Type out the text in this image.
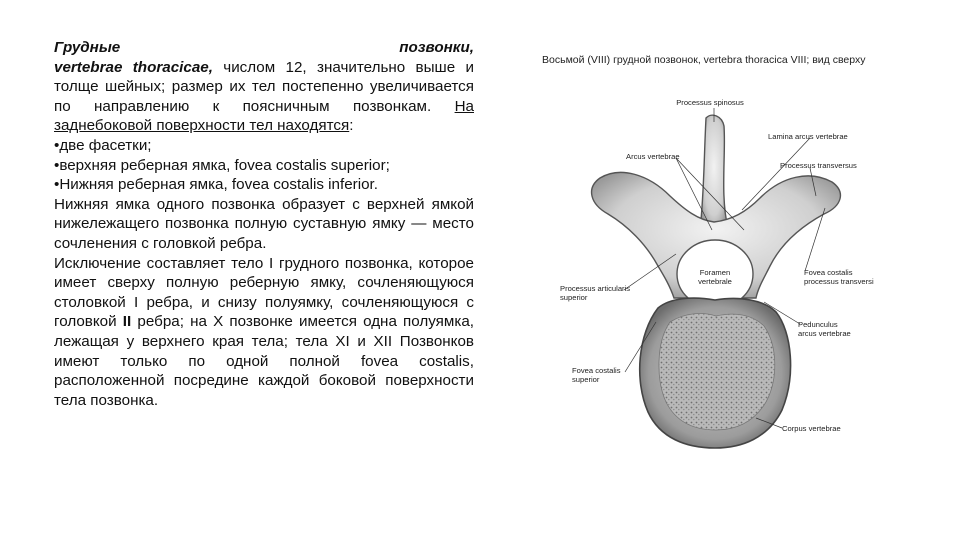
Грудные	позвонки,
vertebrae thoracicae, числом 12, значительно выше и толще шейных; размер их тел постепенно увеличивается по направлению к поясничным позвонкам. На заднебоковой поверхности тел находятся:

•две фасетки;

•верхняя реберная ямка, fovea costalis superior;

•Нижняя реберная ямка, fovea costalis inferior.

Нижняя ямка одного позвонка образует с верхней ямкой нижележащего позвонка полную суставную ямку — место сочленения с головкой ребра.

Исключение составляет тело I грудного позвонка, которое имеет сверху полную реберную ямку, сочленяющуюся столовкой I ребра, и снизу полуямку, сочленяющуюся с головкой II ребра; на X позвонке имеется одна полуямка, лежащая у верхнего края тела; тела XI и XII Позвонков имеют только по одной полной fovea costalis, расположенной посредине каждой боковой поверхности тела позвонка.

Восьмой (VIII) грудной позвонок, vertebra thoracica VIII; вид сверху
Processus spinosus
Lamina arcus vertebrae
Arcus vertebrae
Processus transversus
Foramen
vertebrale
Fovea costalis
processus transversi
Processus articularis
superior
Pedunculus
arcus vertebrae
Fovea costalis
superior
Corpus vertebrae
